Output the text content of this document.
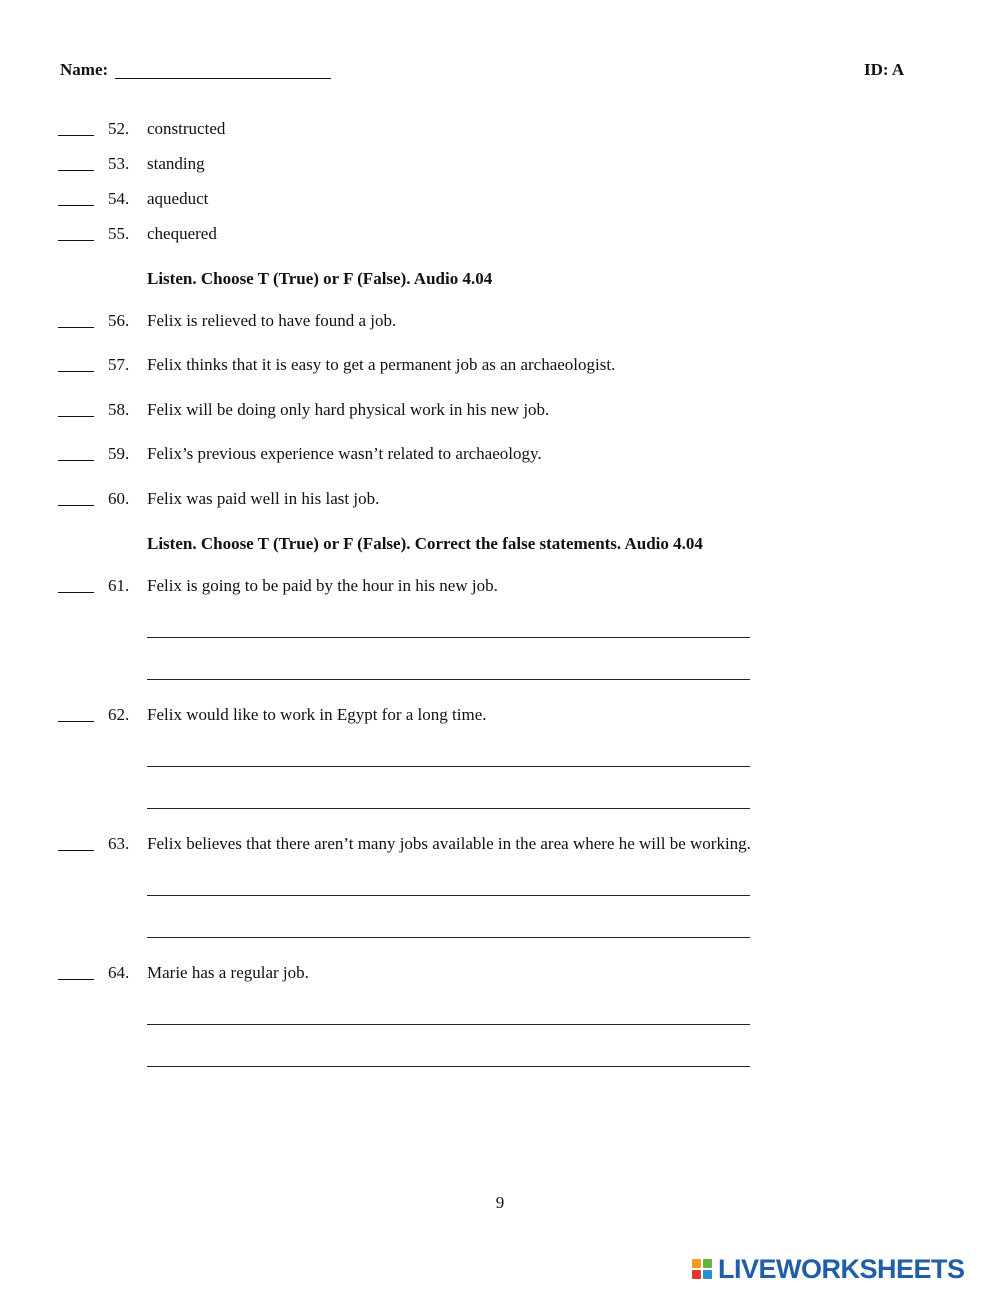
Name:	ID: A
52.	constructed
53.	standing
54.	aqueduct
55.	chequered
Listen. Choose T (True) or F (False). Audio 4.04
56.	Felix is relieved to have found a job.
57.	Felix thinks that it is easy to get a permanent job as an archaeologist.
58.	Felix will be doing only hard physical work in his new job.
59.	Felix’s previous experience wasn’t related to archaeology.
60.	Felix was paid well in his last job.
Listen. Choose T (True) or F (False). Correct the false statements. Audio 4.04
61.	Felix is going to be paid by the hour in his new job.
62.	Felix would like to work in Egypt for a long time.
63.	Felix believes that there aren’t many jobs available in the area where he will be working.
64.	Marie has a regular job.
9
LIVEWORKSHEETS
